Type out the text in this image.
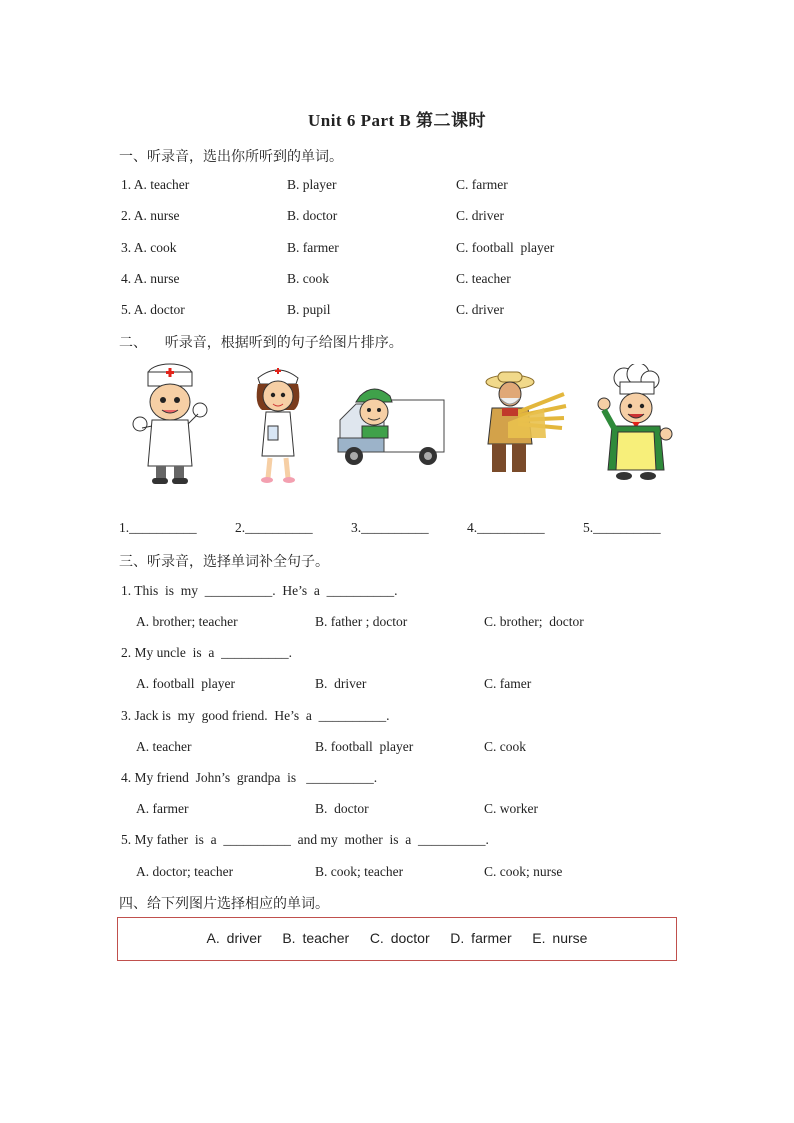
Unit 6 Part B 第二课时
一、听录音，选出你所听到的单词。
1. A. teacher	B. player	C. farmer
2. A. nurse	B. doctor	C. driver
3. A. cook	B. farmer	C. football  player
4. A. nurse	B. cook	C. teacher
5. A. doctor	B. pupil	C. driver
二、    听录音，根据听到的句子给图片排序。
1.__________	2.__________	3.__________	4.__________	5.__________
三、听录音，选择单词补全句子。
1. This  is  my  __________.  He’s  a  __________.
A. brother; teacher	B. father ; doctor	C. brother;  doctor
2. My uncle  is  a  __________.
A. football  player	B.  driver	C. famer
3. Jack is  my  good friend.  He’s  a  __________.
A. teacher	B. football  player	C. cook
4. My friend  John’s  grandpa  is   __________.
A. farmer	B.  doctor	C. worker
5. My father  is  a  __________  and my  mother  is  a  __________.
A. doctor; teacher	B. cook; teacher	C. cook; nurse
四、给下列图片选择相应的单词。
A. driver   B. teacher   C. doctor   D. farmer   E. nurse
